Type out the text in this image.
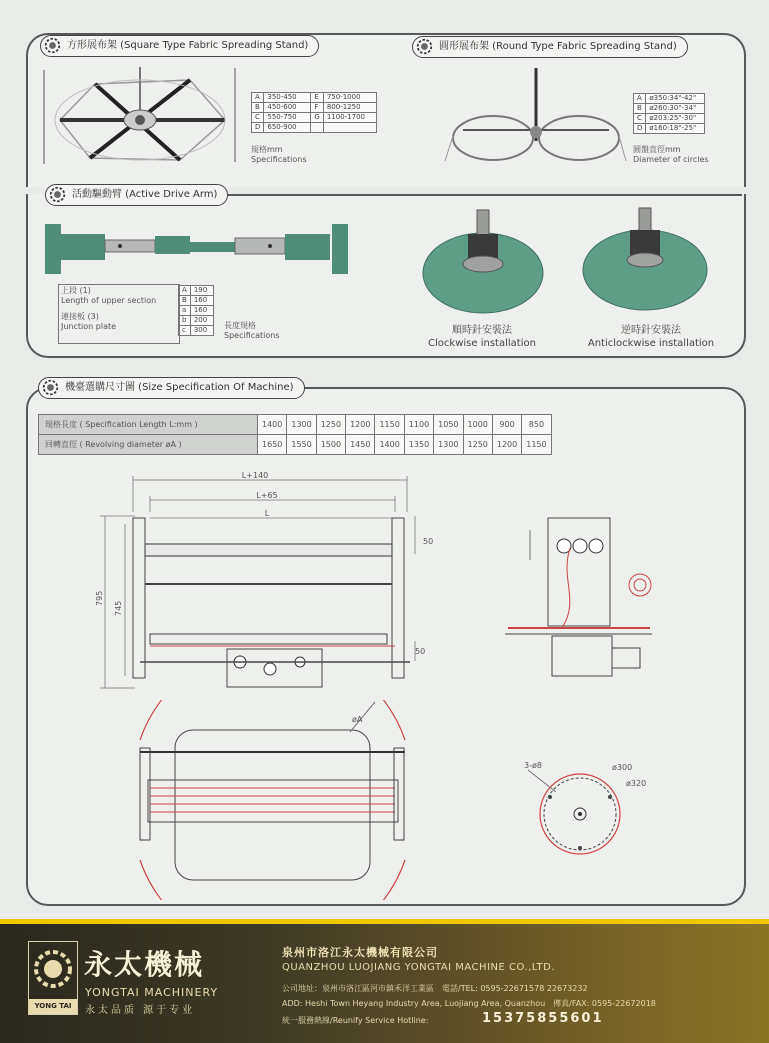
方形展布架 (Square Type Fabric Spreading Stand)	圓形展布架 (Round Type Fabric Spreading Stand)
A	350-450	E	750-1000
B	450-600	F	800-1250
C	550-750	G	1100-1700
D	650-900		
規格mm
Specifications
A	ø350:34"-42"
B	ø260:30"-34"
C	ø203:25"-30"
D	ø160:18"-25"
圓盤直徑mm
Diameter of circles
活動驅動臂 (Active Drive Arm)
上段 (1)
Length of upper section
連接板 (3)
Junction plate
A	190
B	160
a	160
b	200
c	300 長度規格
Specifications	順時針安裝法
Clockwise installation
逆時針安裝法
Anticlockwise installation
機臺選購尺寸圖 (Size Specification Of Machine)
規格長度 ( Specification Length L:mm )	1400	1300	1250	1200	1150	1100	1050	1000	900	850
回轉直徑 ( Revolving diameter øA )	1650	1550	1500	1450	1400	1350	1300	1250	1200	1150
L+140
L+65
L
50
50
795
745
øA
3-ø8	ø300
ø320
YONG TAI
永太機械
YONGTAI MACHINERY
永太品质 源于专业
泉州市洛江永太機械有限公司
QUANZHOU LUOJIANG YONGTAI MACHINE CO.,LTD.
公司地址：泉州市洛江區河市鎮禾洋工業區　電話/TEL: 0595-22671578 22673232
ADD: Heshi Town Heyang Industry Area, Luojiang Area, Quanzhou　傳真/FAX: 0595-22672018
統一服務熱線/Reunify Service Hotline:	15375855601
